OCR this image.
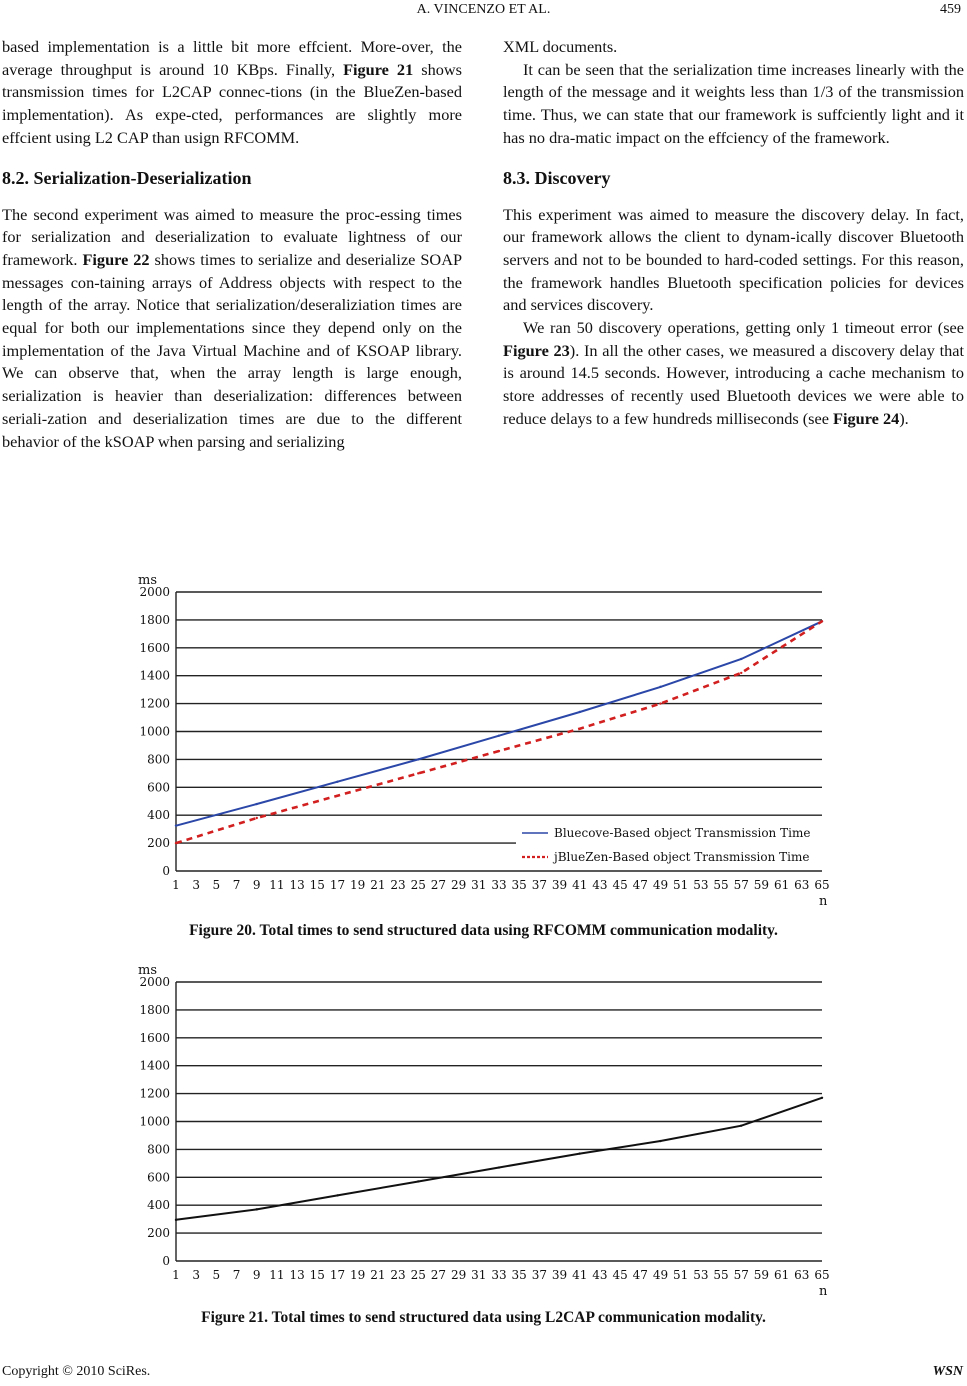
A. VINCENZO ET AL.	459

based implementation is a little bit more effcient. More-over, the average throughput is around 10 KBps. Finally, Figure 21 shows transmission times for L2CAP connec-tions (in the BlueZen-based implementation). As expe-cted, performances are slightly more effcient using L2 CAP than usign RFCOMM.

8.2. Serialization-Deserialization

The second experiment was aimed to measure the proc-essing times for serialization and deserialization to evaluate lightness of our framework. Figure 22 shows times to serialize and deserialize SOAP messages con-taining arrays of Address objects with respect to the length of the array. Notice that serialization/deseraliziation times are equal for both our implementations since they depend only on the implementation of the Java Virtual Machine and of KSOAP library. We can observe that, when the array length is large enough, serialization is heavier than deserialization: differences between seriali-zation and deserialization times are due to the different behavior of the kSOAP when parsing and serializing

XML documents.

It can be seen that the serialization time increases linearly with the length of the message and it weights less than 1/3 of the transmission time. Thus, we can state that our framework is suffciently light and it has no dra-matic impact on the effciency of the framework.

8.3. Discovery

This experiment was aimed to measure the discovery delay. In fact, our framework allows the client to dynam-ically discover Bluetooth servers and not to be bounded to hard-coded settings. For this reason, the framework handles Bluetooth specification policies for devices and services discovery.

We ran 50 discovery operations, getting only 1 timeout error (see Figure 23). In all the other cases, we measured a discovery delay that is around 14.5 seconds. However, introducing a cache mechanism to store addresses of recently used Bluetooth devices we were able to reduce delays to a few hundreds milliseconds (see Figure 24).

0
200
400
600
800
1000
1200
1400
1600
1800
2000
1 3 5 7 9 11 13 15 17 19 21 23 25 27 29 31 33 35 37 39 41 43 45 47 49 51 53 55 57 59 61 63 65
ms
n
Bluecove-Based object Transmission Time
jBlueZen-Based object Transmission Time
Figure 20. Total times to send structured data using RFCOMM communication modality.
0
200
400
600
800
1000
1200
1400
1600
1800
2000
1 3 5 7 9 11 13 15 17 19 21 23 25 27 29 31 33 35 37 39 41 43 45 47 49 51 53 55 57 59 61 63 65
ms
n
Figure 21. Total times to send structured data using L2CAP communication modality.
Copyright © 2010 SciRes.	WSN
